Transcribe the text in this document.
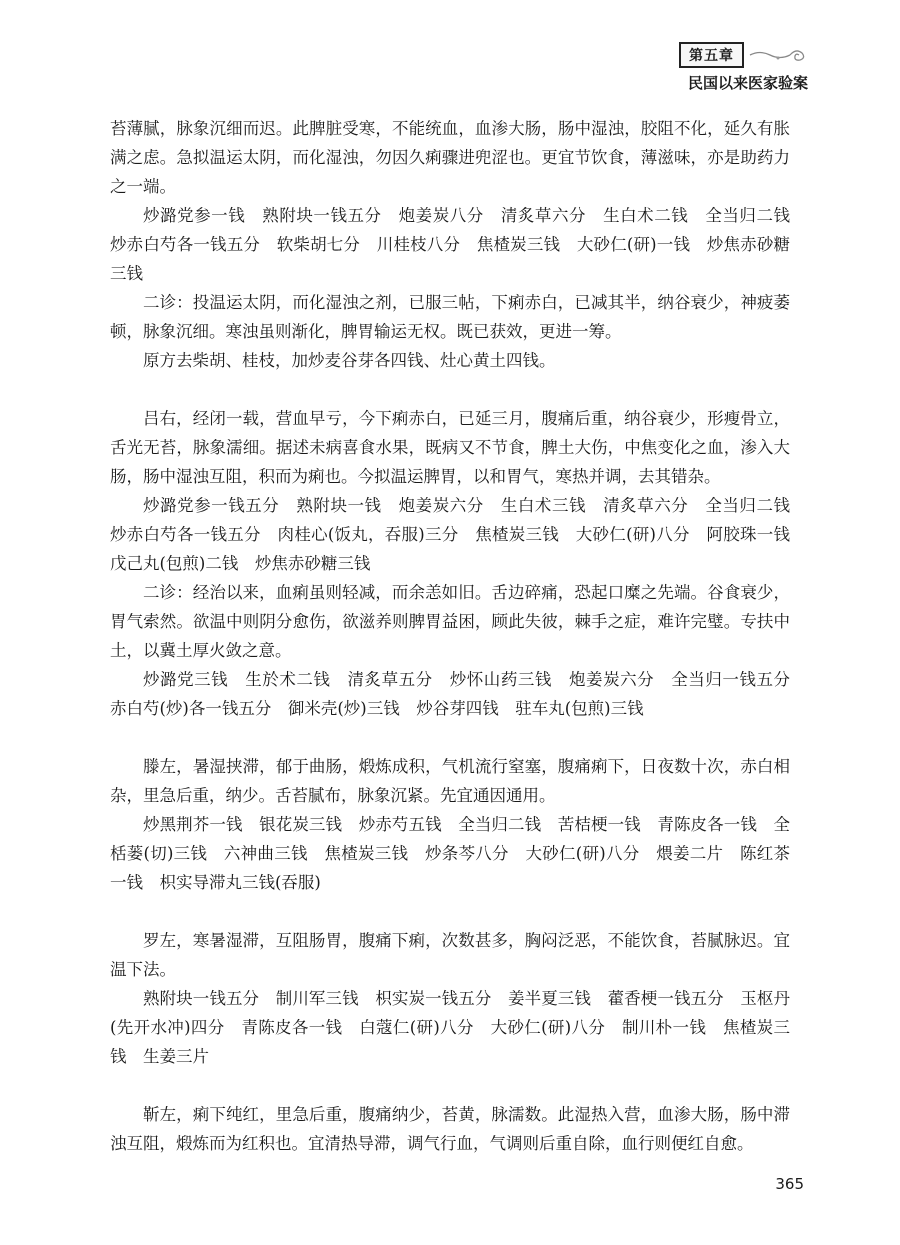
第五章
民国以来医家验案

苔薄腻，脉象沉细而迟。此脾脏受寒，不能统血，血渗大肠，肠中湿浊，胶阻不化，延久有胀满之虑。急拟温运太阴，而化湿浊，勿因久痢骤进兜涩也。更宜节饮食，薄滋味，亦是助药力之一端。

炒潞党参一钱　熟附块一钱五分　炮姜炭八分　清炙草六分　生白术二钱　全当归二钱　炒赤白芍各一钱五分　软柴胡七分　川桂枝八分　焦楂炭三钱　大砂仁(研)一钱　炒焦赤砂糖三钱

二诊：投温运太阴，而化湿浊之剂，已服三帖，下痢赤白，已减其半，纳谷衰少，神疲萎顿，脉象沉细。寒浊虽则渐化，脾胃输运无权。既已获效，更进一筹。

原方去柴胡、桂枝，加炒麦谷芽各四钱、灶心黄土四钱。

吕右，经闭一载，营血早亏，今下痢赤白，已延三月，腹痛后重，纳谷衰少，形瘦骨立，舌光无苔，脉象濡细。据述未病喜食水果，既病又不节食，脾土大伤，中焦变化之血，渗入大肠，肠中湿浊互阻，积而为痢也。今拟温运脾胃，以和胃气，寒热并调，去其错杂。

炒潞党参一钱五分　熟附块一钱　炮姜炭六分　生白术三钱　清炙草六分　全当归二钱　炒赤白芍各一钱五分　肉桂心(饭丸，吞服)三分　焦楂炭三钱　大砂仁(研)八分　阿胶珠一钱　戊己丸(包煎)二钱　炒焦赤砂糖三钱

二诊：经治以来，血痢虽则轻减，而余恙如旧。舌边碎痛，恐起口糜之先端。谷食衰少，胃气索然。欲温中则阴分愈伤，欲滋养则脾胃益困，顾此失彼，棘手之症，难许完璧。专扶中土，以冀土厚火敛之意。

炒潞党三钱　生於术二钱　清炙草五分　炒怀山药三钱　炮姜炭六分　全当归一钱五分　赤白芍(炒)各一钱五分　御米壳(炒)三钱　炒谷芽四钱　驻车丸(包煎)三钱

滕左，暑湿挟滞，郁于曲肠，煅炼成积，气机流行窒塞，腹痛痢下，日夜数十次，赤白相杂，里急后重，纳少。舌苔腻布，脉象沉紧。先宜通因通用。

炒黑荆芥一钱　银花炭三钱　炒赤芍五钱　全当归二钱　苦桔梗一钱　青陈皮各一钱　全栝蒌(切)三钱　六神曲三钱　焦楂炭三钱　炒条芩八分　大砂仁(研)八分　煨姜二片　陈红茶一钱　枳实导滞丸三钱(吞服)

罗左，寒暑湿滞，互阻肠胃，腹痛下痢，次数甚多，胸闷泛恶，不能饮食，苔腻脉迟。宜温下法。

熟附块一钱五分　制川军三钱　枳实炭一钱五分　姜半夏三钱　藿香梗一钱五分　玉枢丹(先开水冲)四分　青陈皮各一钱　白蔻仁(研)八分　大砂仁(研)八分　制川朴一钱　焦楂炭三钱　生姜三片

靳左，痢下纯红，里急后重，腹痛纳少，苔黄，脉濡数。此湿热入营，血渗大肠，肠中滞浊互阻，煅炼而为红积也。宜清热导滞，调气行血，气调则后重自除，血行则便红自愈。

365
